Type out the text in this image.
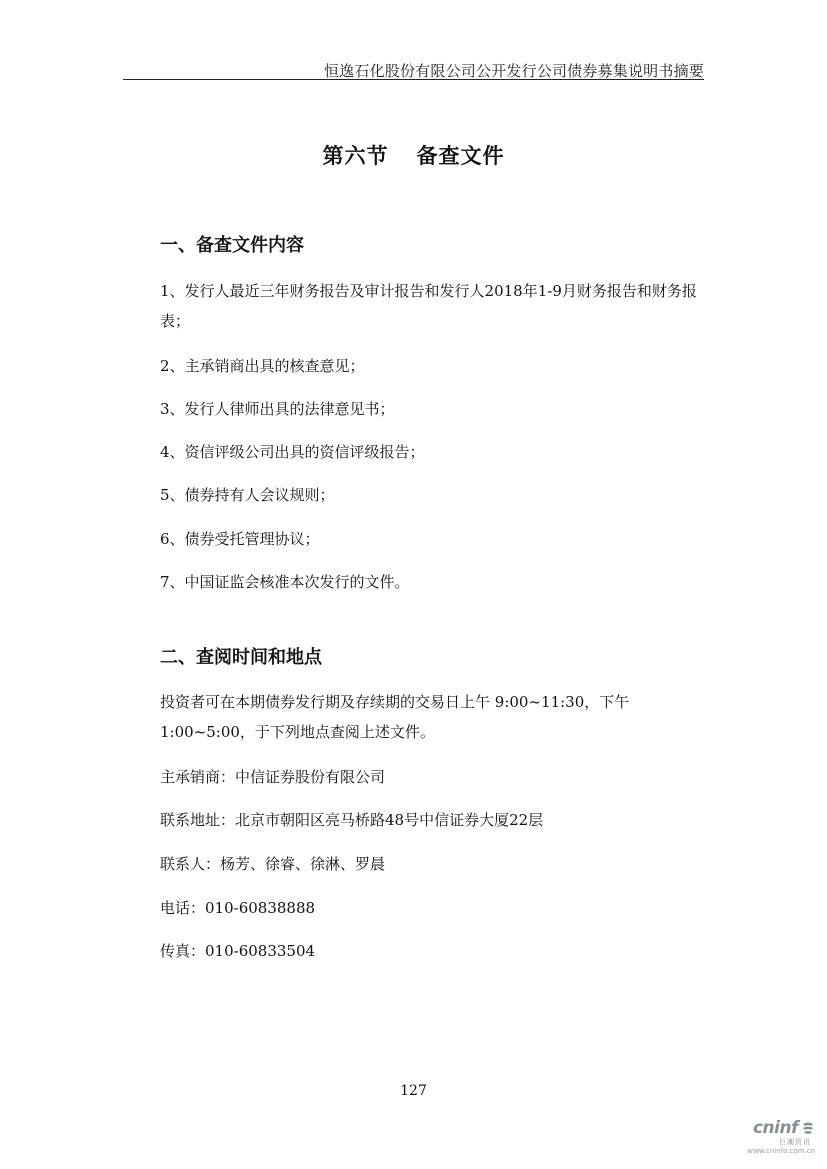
恒逸石化股份有限公司公开发行公司债券募集说明书摘要
第六节 备查文件
一、备查文件内容
1、发行人最近三年财务报告及审计报告和发行人2018年1-9月财务报告和财务报表；
2、主承销商出具的核查意见；
3、发行人律师出具的法律意见书；
4、资信评级公司出具的资信评级报告；
5、债券持有人会议规则；
6、债券受托管理协议；
7、中国证监会核准本次发行的文件。
二、查阅时间和地点
投资者可在本期债券发行期及存续期的交易日上午 9:00~11:30，下午1:00~5:00，于下列地点查阅上述文件。
主承销商：中信证券股份有限公司
联系地址：北京市朝阳区亮马桥路48号中信证券大厦22层
联系人：杨芳、徐睿、徐淋、罗晨
电话：010-60838888
传真：010-60833504
127
cninf
巨潮资讯
www.cninfo.com.cn
